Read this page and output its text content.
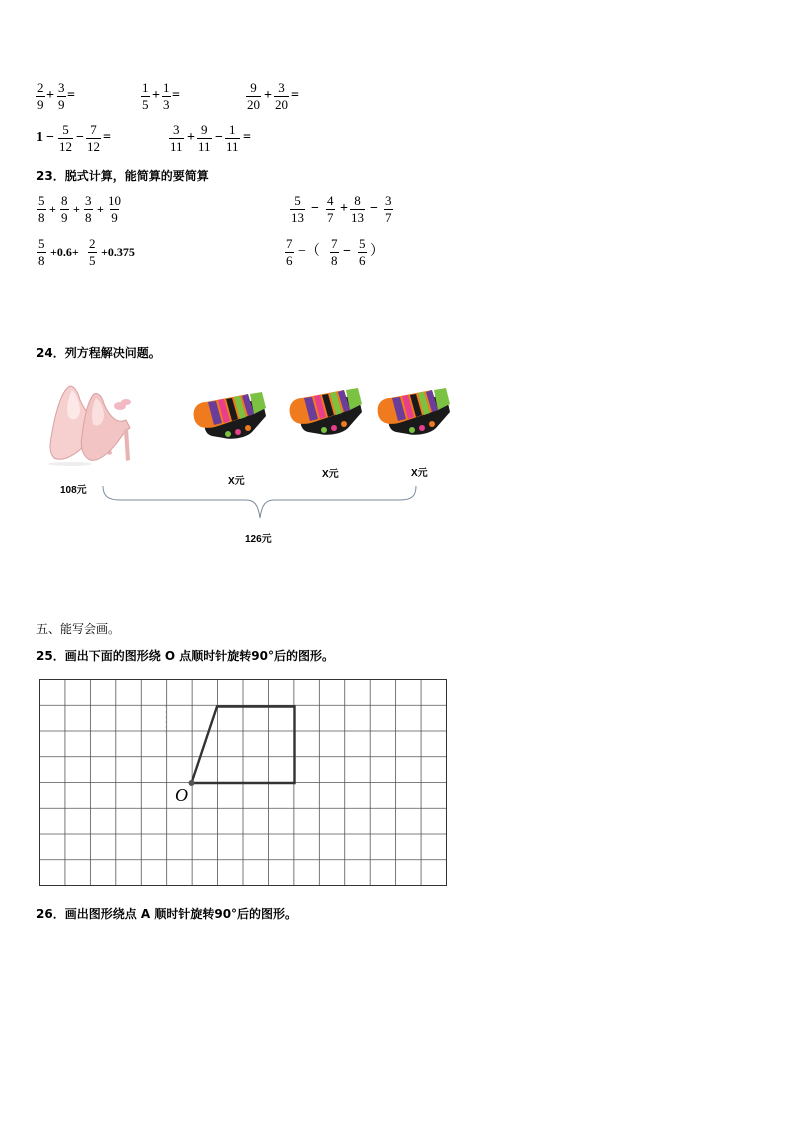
$\frac{2}{9} + \frac{3}{9}$ =	$\frac{1}{5} + \frac{1}{3}$ =	$\frac{9}{20} + \frac{3}{20}$ =
$1 - \frac{5}{12} - \frac{7}{12}$ =	$\frac{3}{11} + \frac{9}{11} - \frac{1}{11}$ =
23．脱式计算，能简算的要简算
$\frac{5}{8} + \frac{8}{9} + \frac{3}{8} + \frac{10}{9}$	$\frac{5}{13} - \frac{4}{7} + \frac{8}{13} - \frac{3}{7}$
$\frac{5}{8} +0.6+ \frac{2}{5} +0.375$	$\frac{7}{6}$ −（ $\frac{7}{8} - \frac{5}{6}$ ）
24．列方程解决问题。
108元
X元
X元	X元
126元
五、能写会画。
25．画出下面的图形绕 O 点顺时针旋转90°后的图形。
O
26．画出图形绕点 A 顺时针旋转90°后的图形。
